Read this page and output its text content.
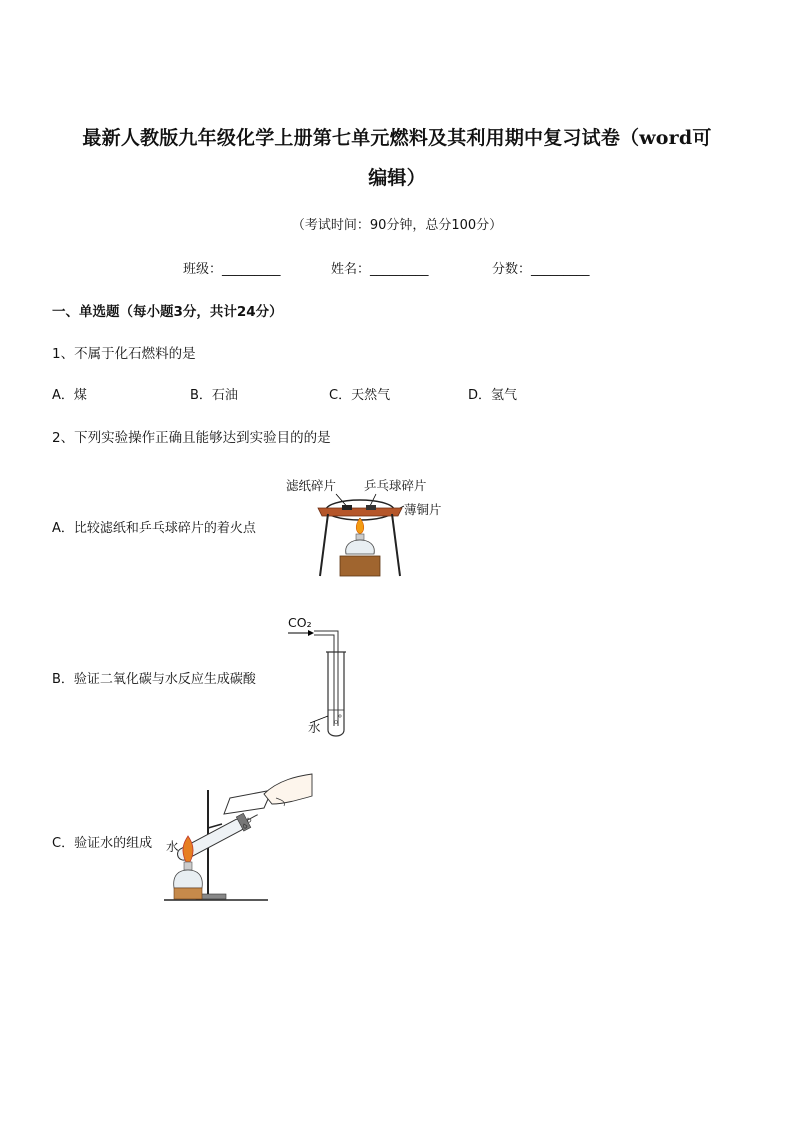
最新人教版九年级化学上册第七单元燃料及其利用期中复习试卷（word可
编辑）
（考试时间：90分钟，总分100分）
班级：_________	姓名：_________	分数：_________
一、单选题（每小题3分，共计24分）
1、不属于化石燃料的是
A．煤	B．石油	C．天然气	D．氢气
2、下列实验操作正确且能够达到实验目的的是
A．比较滤纸和乒乓球碎片的着火点
B．验证二氧化碳与水反应生成碳酸
C．验证水的组成
滤纸碎片 乒乓球碎片
薄铜片
CO₂
水
水
